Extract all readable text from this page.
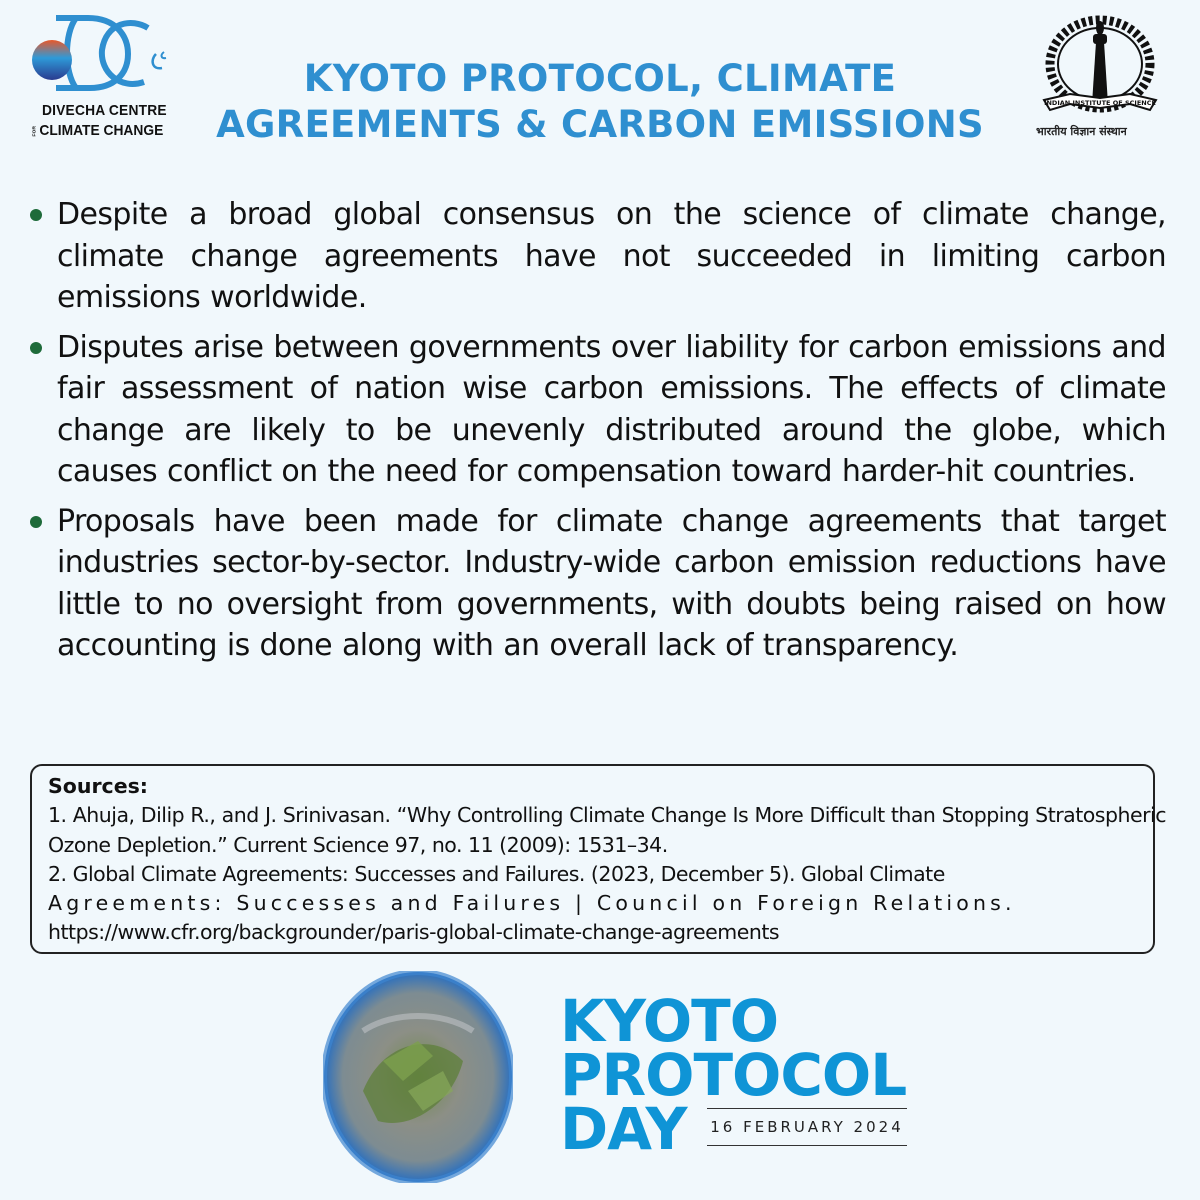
DIVECHA CENTRE
FOR CLIMATE CHANGE
KYOTO PROTOCOL, CLIMATE
AGREEMENTS & CARBON EMISSIONS	INDIAN INSTITUTE OF SCIENCE
भारतीय विज्ञान संस्थान
Despite a broad global consensus on the science of climate change, climate change agreements have not succeeded in limiting carbon emissions worldwide.
Disputes arise between governments over liability for carbon emissions and fair assessment of nation wise carbon emissions. The effects of climate change are likely to be unevenly distributed around the globe, which causes conflict on the need for compensation toward harder-hit countries.
Proposals have been made for climate change agreements that target industries sector-by-sector. Industry-wide carbon emission reductions have little to no oversight from governments, with doubts being raised on how accounting is done along with an overall lack of transparency.
Sources:
1. Ahuja, Dilip R., and J. Srinivasan. “Why Controlling Climate Change Is More Difficult than Stopping Stratospheric Ozone Depletion.” Current Science 97, no. 11 (2009): 1531–34.
2. Global Climate Agreements: Successes and Failures. (2023, December 5). Global Climate
Agreements: Successes and Failures | Council on Foreign Relations.
https://www.cfr.org/backgrounder/paris-global-climate-change-agreements
KYOTO
PROTOCOL
DAY	16 FEBRUARY 2024
